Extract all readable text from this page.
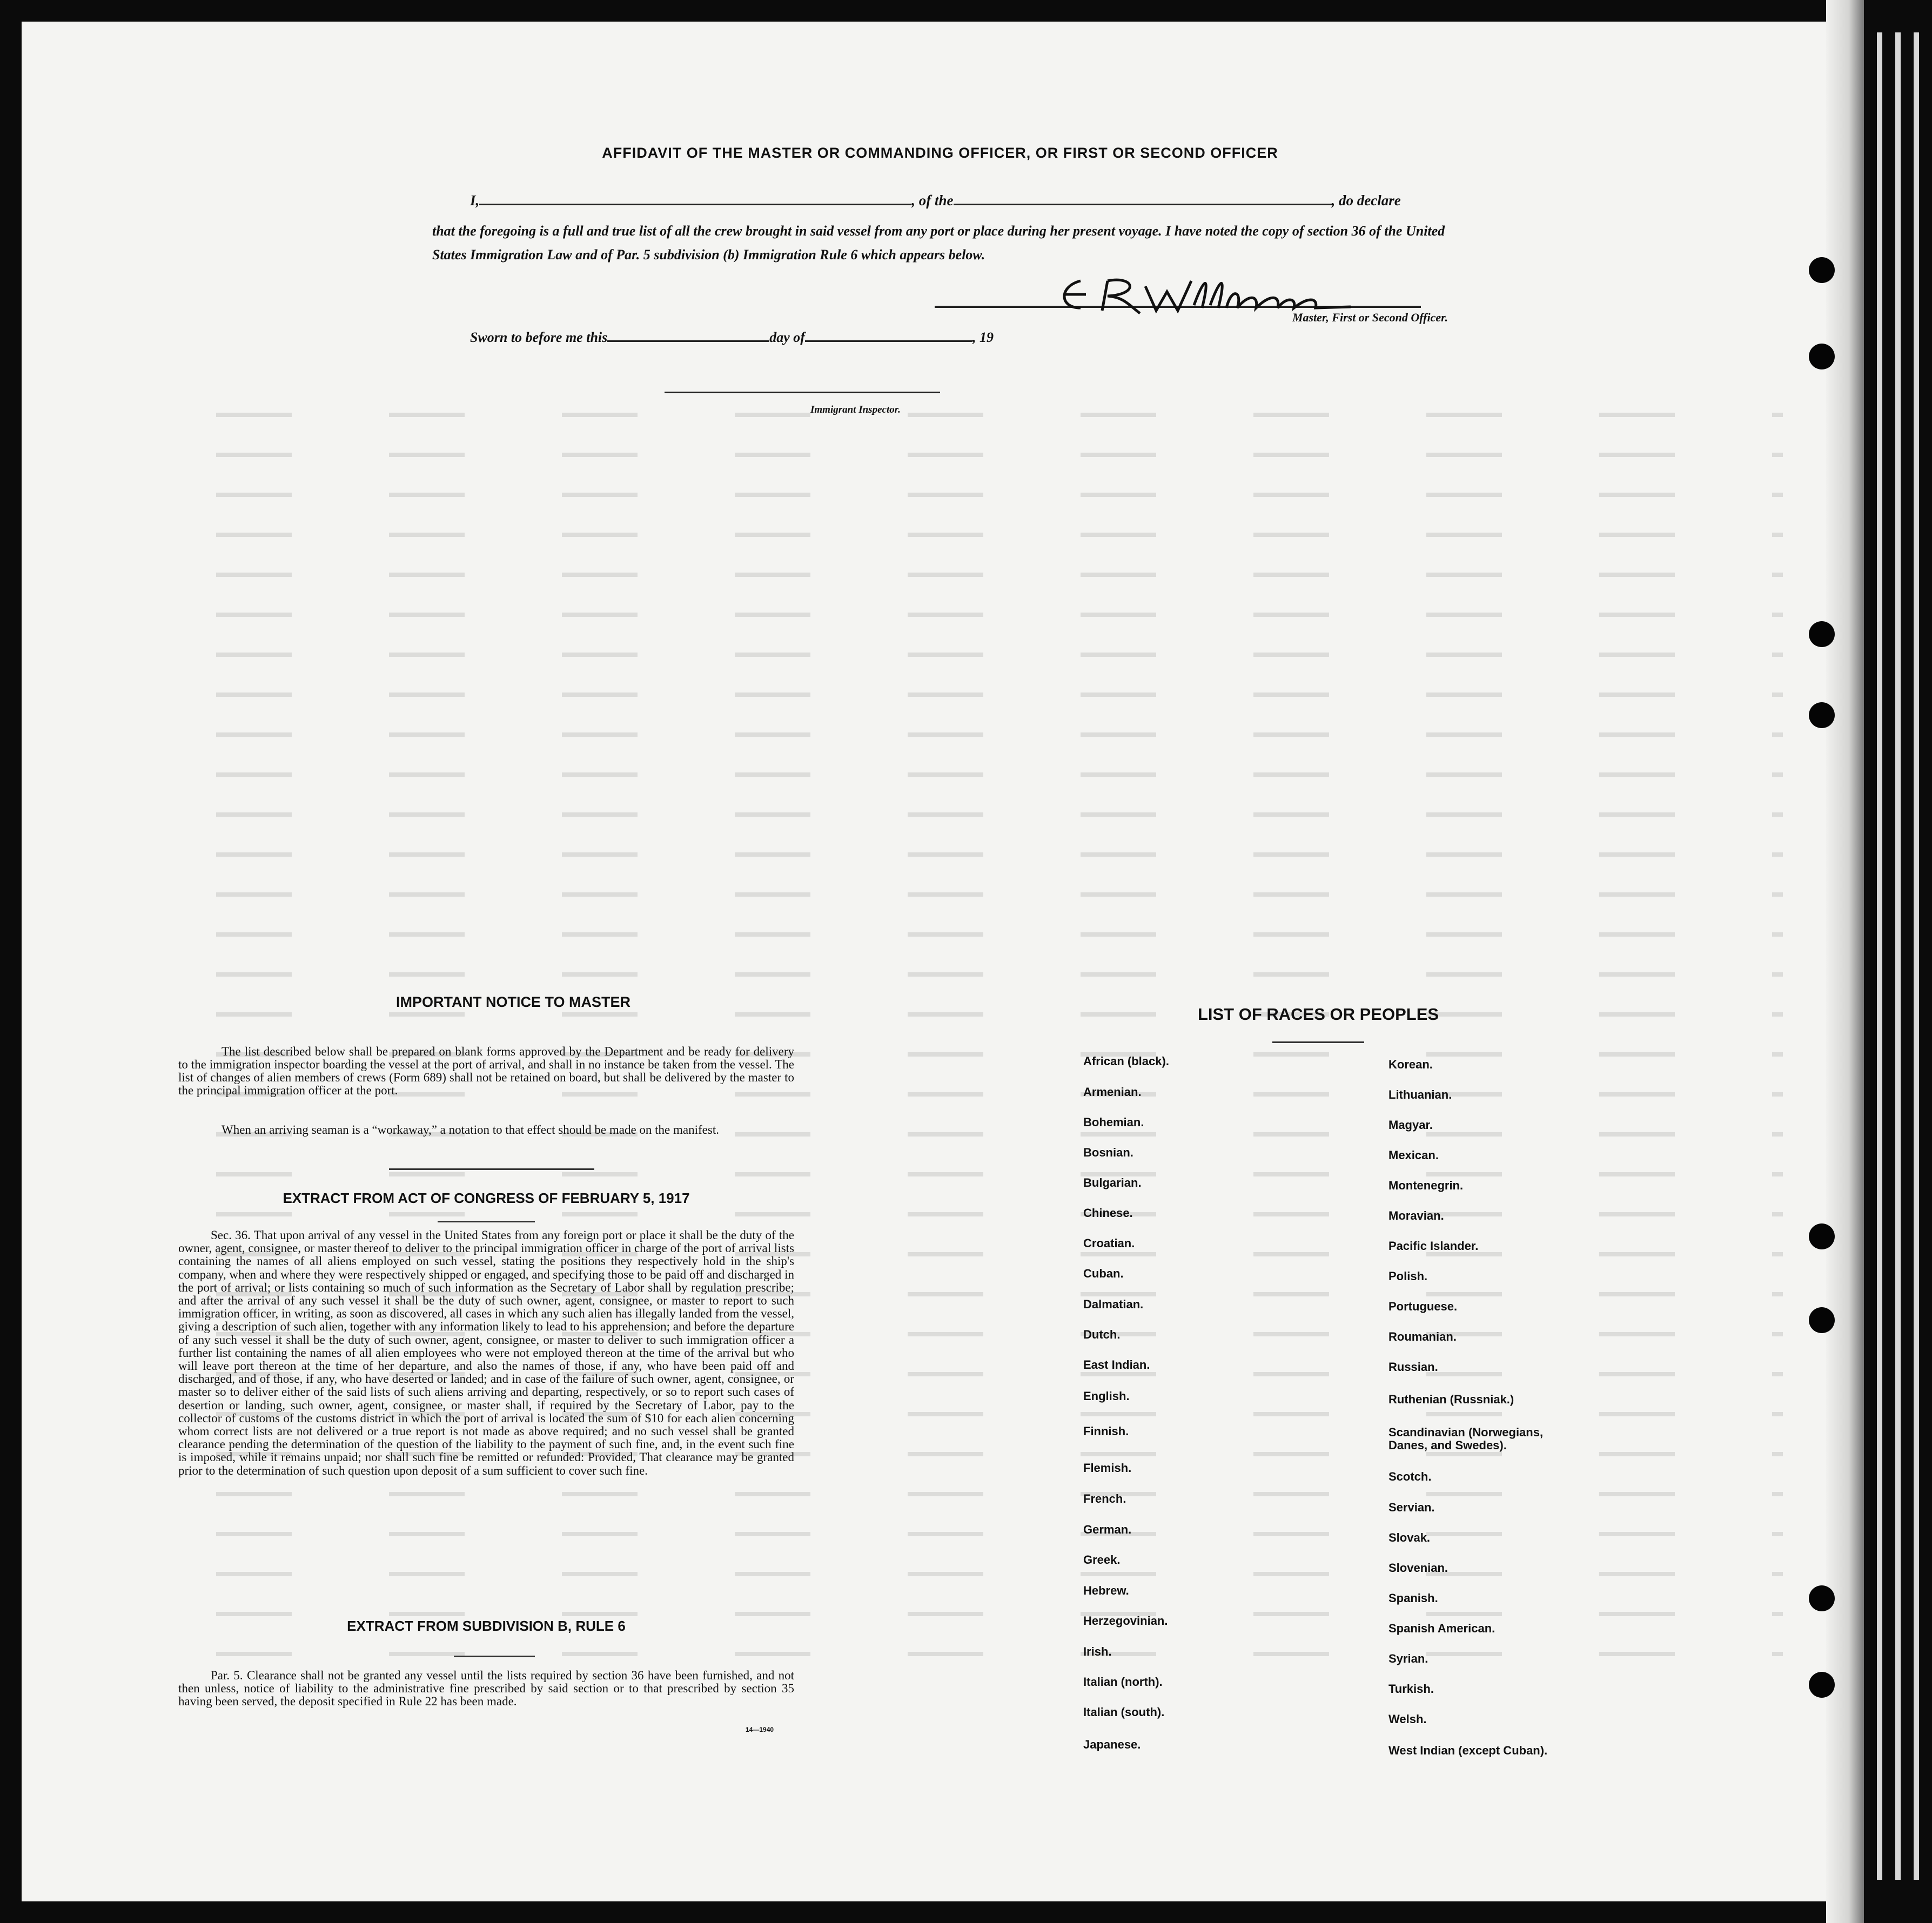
AFFIDAVIT OF THE MASTER OR COMMANDING OFFICER, OR FIRST OR SECOND OFFICER
I,	, of the	, do declare
that the foregoing is a full and true list of all the crew brought in said vessel from any port or place during her present voyage. I have noted the copy of section 36 of the United States Immigration Law and of Par. 5 subdivision (b) Immigration Rule 6 which appears below.
Master, First or Second Officer.
Sworn to before me this	day of	, 19
Immigrant Inspector.
IMPORTANT NOTICE TO MASTER
The list described below shall be prepared on blank forms approved by the Department and be ready for delivery to the immigration inspector boarding the vessel at the port of arrival, and shall in no instance be taken from the vessel. The list of changes of alien members of crews (Form 689) shall not be retained on board, but shall be delivered by the master to the principal immigration officer at the port.
When an arriving seaman is a “workaway,” a notation to that effect should be made on the manifest.
EXTRACT FROM ACT OF CONGRESS OF FEBRUARY 5, 1917
Sec. 36. That upon arrival of any vessel in the United States from any foreign port or place it shall be the duty of the owner, agent, consignee, or master thereof to deliver to the principal immigration officer in charge of the port of arrival lists containing the names of all aliens employed on such vessel, stating the positions they respectively hold in the ship's company, when and where they were respectively shipped or engaged, and specifying those to be paid off and discharged in the port of arrival; or lists containing so much of such information as the Secretary of Labor shall by regulation prescribe; and after the arrival of any such vessel it shall be the duty of such owner, agent, consignee, or master to report to such immigration officer, in writing, as soon as discovered, all cases in which any such alien has illegally landed from the vessel, giving a description of such alien, together with any information likely to lead to his apprehension; and before the departure of any such vessel it shall be the duty of such owner, agent, consignee, or master to deliver to such immigration officer a further list containing the names of all alien employees who were not employed thereon at the time of the arrival but who will leave port thereon at the time of her departure, and also the names of those, if any, who have been paid off and discharged, and of those, if any, who have deserted or landed; and in case of the failure of such owner, agent, consignee, or master so to deliver either of the said lists of such aliens arriving and departing, respectively, or so to report such cases of desertion or landing, such owner, agent, consignee, or master shall, if required by the Secretary of Labor, pay to the collector of customs of the customs district in which the port of arrival is located the sum of $10 for each alien concerning whom correct lists are not delivered or a true report is not made as above required; and no such vessel shall be granted clearance pending the determination of the question of the liability to the payment of such fine, and, in the event such fine is imposed, while it remains unpaid; nor shall such fine be remitted or refunded: Provided, That clearance may be granted prior to the determination of such question upon deposit of a sum sufficient to cover such fine.
EXTRACT FROM SUBDIVISION B, RULE 6
Par. 5. Clearance shall not be granted any vessel until the lists required by section 36 have been furnished, and not then unless, notice of liability to the administrative fine prescribed by said section or to that prescribed by section 35 having been served, the deposit specified in Rule 22 has been made.
14—1940
LIST OF RACES OR PEOPLES
African (black).
Armenian.
Bohemian.
Bosnian.
Bulgarian.
Chinese.
Croatian.
Cuban.
Dalmatian.
Dutch.
East Indian.
English.
Finnish.
Flemish.
French.
German.
Greek.
Hebrew.
Herzegovinian.
Irish.
Italian (north).
Italian (south).
Japanese.
Korean.
Lithuanian.
Magyar.
Mexican.
Montenegrin.
Moravian.
Pacific Islander.
Polish.
Portuguese.
Roumanian.
Russian.
Ruthenian (Russniak.)
Scandinavian (Norwegians, Danes, and Swedes).
Scotch.
Servian.
Slovak.
Slovenian.
Spanish.
Spanish American.
Syrian.
Turkish.
Welsh.
West Indian (except Cuban).
